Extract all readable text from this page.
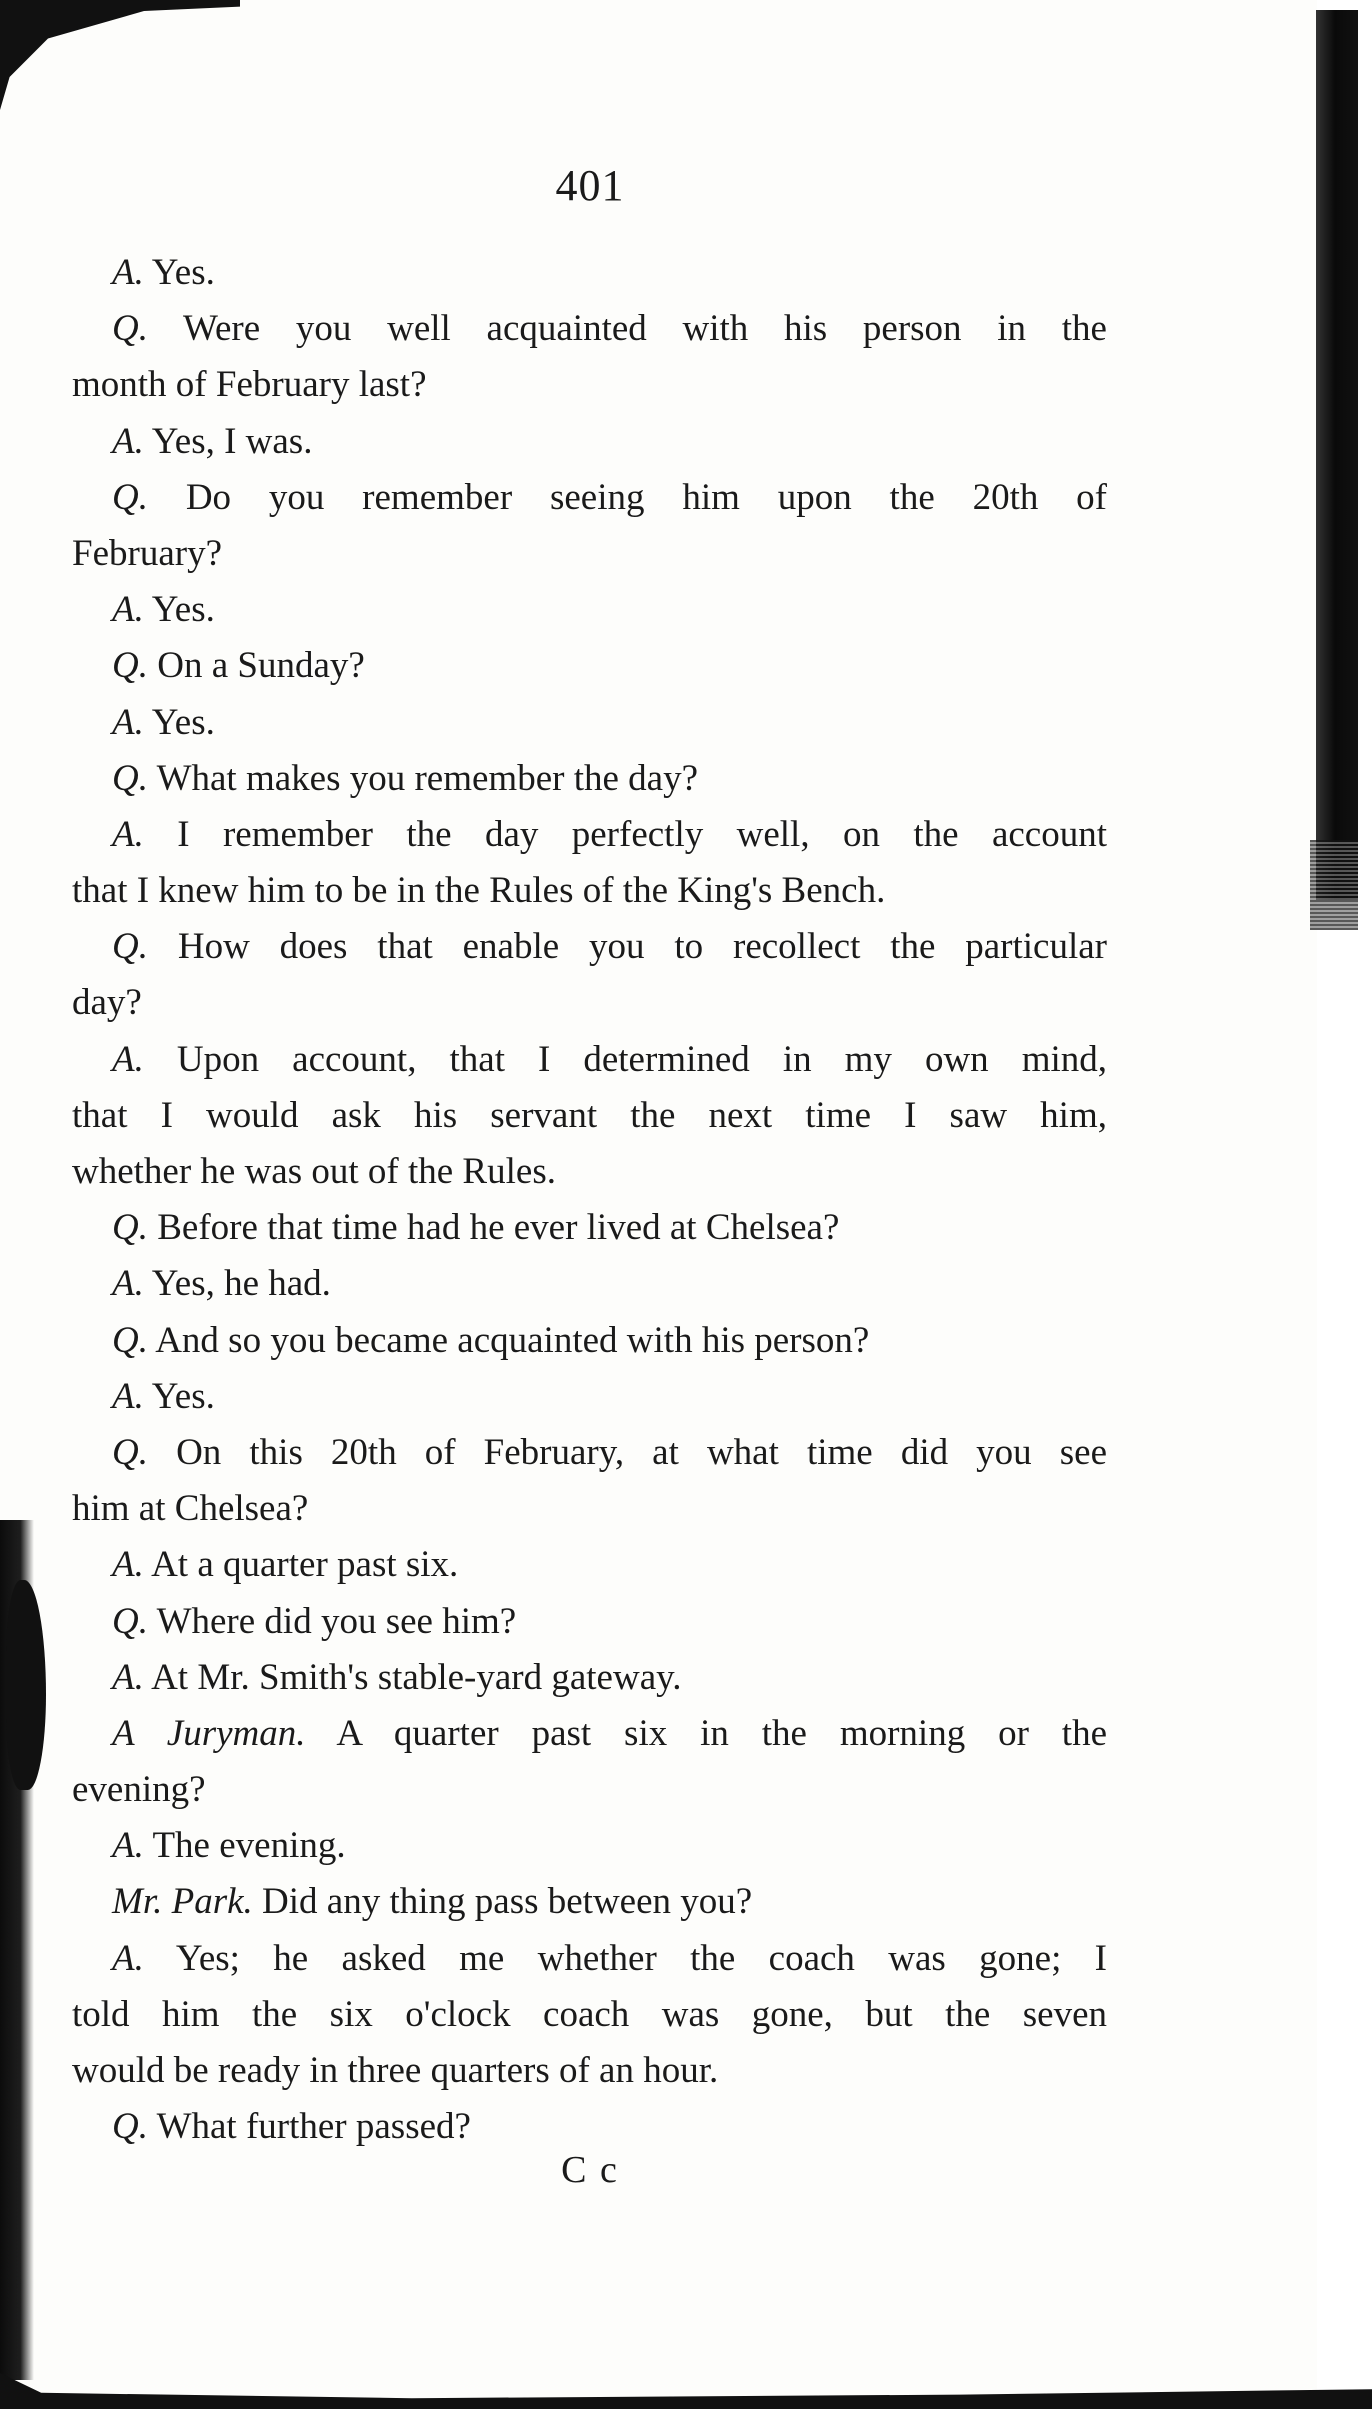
401
A. Yes.
Q. Were you well acquainted with his person in the
month of February last?
A. Yes, I was.
Q. Do you remember seeing him upon the 20th of
February?
A. Yes.
Q. On a Sunday?
A. Yes.
Q. What makes you remember the day?
A. I remember the day perfectly well, on the account
that I knew him to be in the Rules of the King's Bench.
Q. How does that enable you to recollect the particular
day?
A. Upon account, that I determined in my own mind,
that I would ask his servant the next time I saw him,
whether he was out of the Rules.
Q. Before that time had he ever lived at Chelsea?
A. Yes, he had.
Q. And so you became acquainted with his person?
A. Yes.
Q. On this 20th of February, at what time did you see
him at Chelsea?
A. At a quarter past six.
Q. Where did you see him?
A. At Mr. Smith's stable-yard gateway.
A Juryman. A quarter past six in the morning or the
evening?
A. The evening.
Mr. Park. Did any thing pass between you?
A. Yes; he asked me whether the coach was gone; I
told him the six o'clock coach was gone, but the seven
would be ready in three quarters of an hour.
Q. What further passed?
C c
